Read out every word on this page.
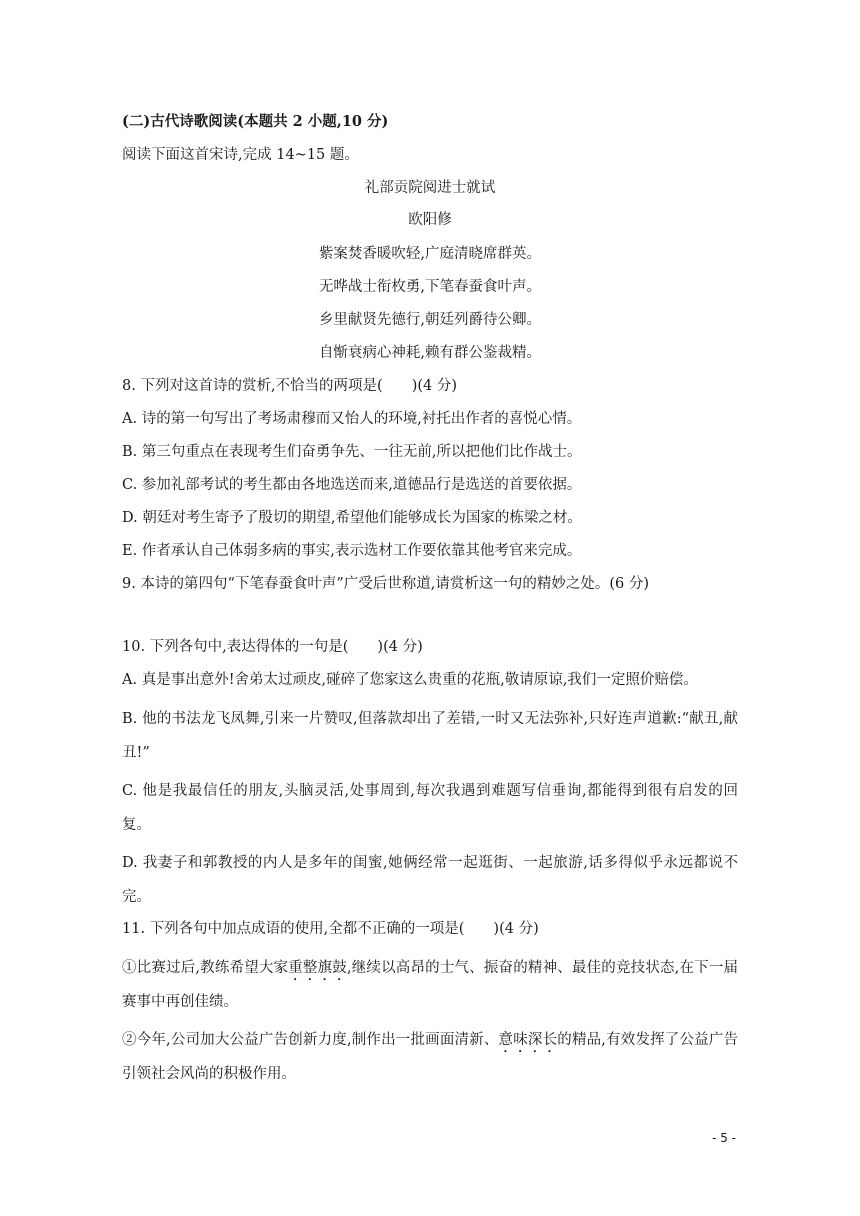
(二)古代诗歌阅读(本题共 2 小题,10 分)
阅读下面这首宋诗,完成 14~15 题。
礼部贡院阅进士就试
欧阳修
紫案焚香暖吹轻,广庭清晓席群英。
无哗战士衔枚勇,下笔春蚕食叶声。
乡里献贤先德行,朝廷列爵待公卿。
自惭衰病心神耗,赖有群公鉴裁精。
8. 下列对这首诗的赏析,不恰当的两项是(　　)(4 分)
A. 诗的第一句写出了考场肃穆而又怡人的环境,衬托出作者的喜悦心情。
B. 第三句重点在表现考生们奋勇争先、一往无前,所以把他们比作战士。
C. 参加礼部考试的考生都由各地选送而来,道德品行是选送的首要依据。
D. 朝廷对考生寄予了殷切的期望,希望他们能够成长为国家的栋梁之材。
E. 作者承认自己体弱多病的事实,表示选材工作要依靠其他考官来完成。
9. 本诗的第四句“下笔春蚕食叶声”广受后世称道,请赏析这一句的精妙之处。(6 分)
10. 下列各句中,表达得体的一句是(　　)(4 分)
A. 真是事出意外!舍弟太过顽皮,碰碎了您家这么贵重的花瓶,敬请原谅,我们一定照价赔偿。
B. 他的书法龙飞凤舞,引来一片赞叹,但落款却出了差错,一时又无法弥补,只好连声道歉:“献丑,献丑!”
C. 他是我最信任的朋友,头脑灵活,处事周到,每次我遇到难题写信垂询,都能得到很有启发的回复。
D. 我妻子和郭教授的内人是多年的闺蜜,她俩经常一起逛街、一起旅游,话多得似乎永远都说不完。
11. 下列各句中加点成语的使用,全都不正确的一项是(　　)(4 分)
①比赛过后,教练希望大家重整旗鼓,继续以高昂的士气、振奋的精神、最佳的竞技状态,在下一届赛事中再创佳绩。
②今年,公司加大公益广告创新力度,制作出一批画面清新、意味深长的精品,有效发挥了公益广告引领社会风尚的积极作用。
- 5 -
